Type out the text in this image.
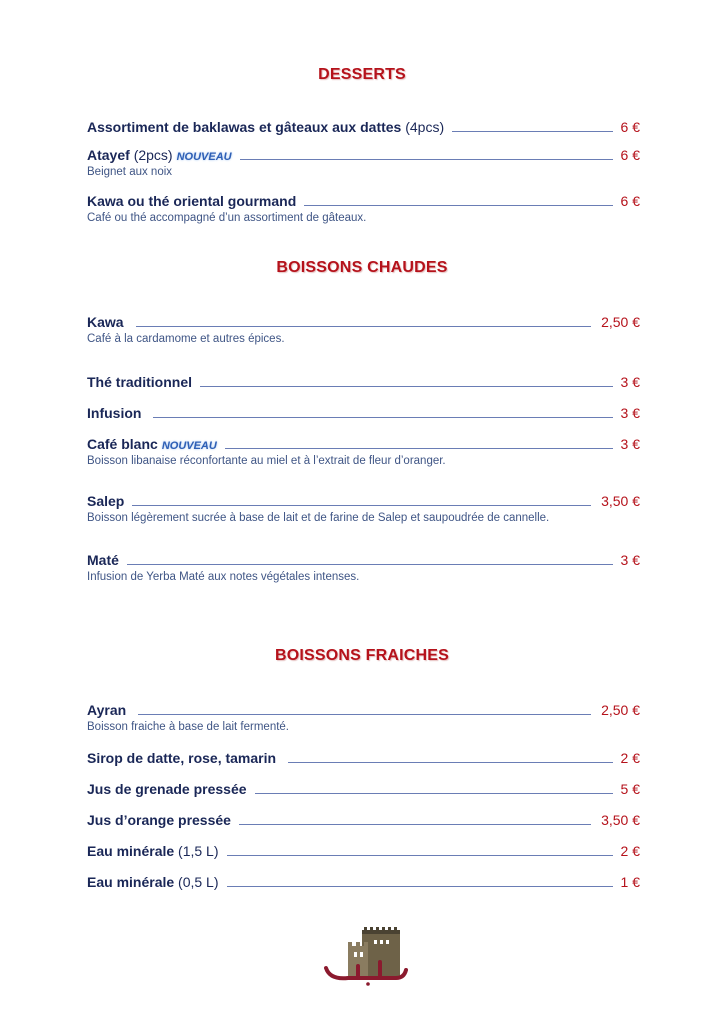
DESSERTS
Assortiment de baklawas et gâteaux aux dattes (4pcs)	6 €
Atayef (2pcs) NOUVEAU	6 €
Beignet aux noix
Kawa ou thé oriental gourmand	6 €
Café ou thé accompagné d’un assortiment de gâteaux.
BOISSONS CHAUDES
Kawa	2,50 €
Café à la cardamome et autres épices.
Thé traditionnel	3 €
Infusion	3 €
Café blanc NOUVEAU	3 €
Boisson libanaise réconfortante au miel et à l’extrait de fleur d’oranger.
Salep	3,50 €
Boisson légèrement sucrée à base de lait et de farine de Salep et saupoudrée de cannelle.
Maté	3 €
Infusion de Yerba Maté aux notes végétales intenses.
BOISSONS FRAICHES
Ayran	2,50 €
Boisson fraiche à base de lait fermenté.
Sirop de datte, rose, tamarin	2 €
Jus de grenade pressée	5 €
Jus d’orange pressée	3,50 €
Eau minérale (1,5 L)	2 €
Eau minérale (0,5 L)	1 €
